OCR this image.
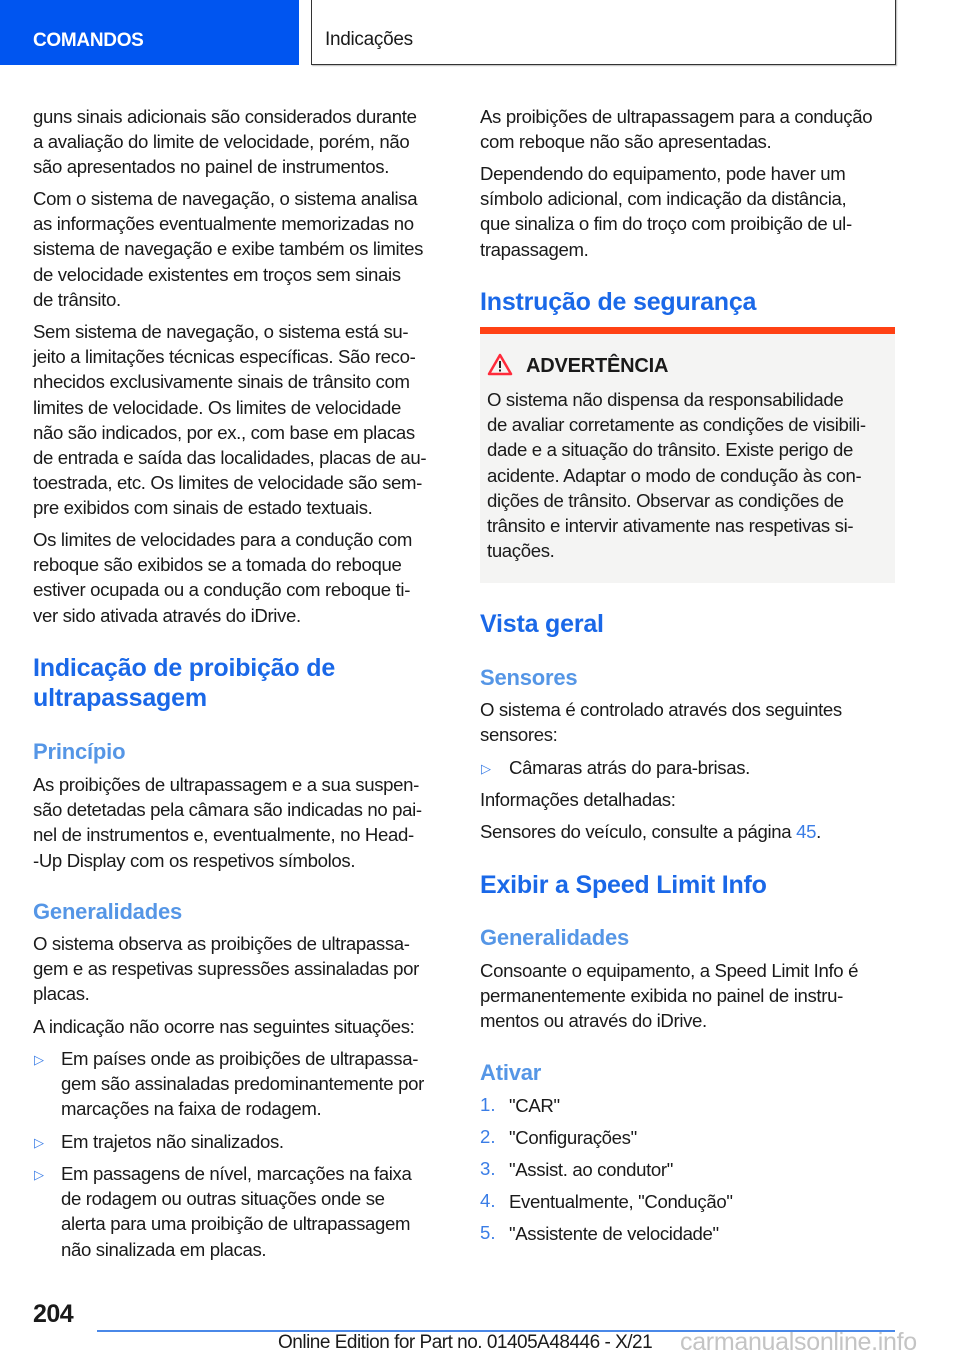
COMANDOS	Indicações
guns sinais adicionais são considerados durante
a avaliação do limite de velocidade, porém, não
são apresentados no painel de instrumentos.
Com o sistema de navegação, o sistema analisa
as informações eventualmente memorizadas no
sistema de navegação e exibe também os limites
de velocidade existentes em troços sem sinais
de trânsito.
Sem sistema de navegação, o sistema está su-
jeito a limitações técnicas específicas. São reco-
nhecidos exclusivamente sinais de trânsito com
limites de velocidade. Os limites de velocidade
não são indicados, por ex., com base em placas
de entrada e saída das localidades, placas de au-
toestrada, etc. Os limites de velocidade são sem-
pre exibidos com sinais de estado textuais.
Os limites de velocidades para a condução com
reboque são exibidos se a tomada do reboque
estiver ocupada ou a condução com reboque ti-
ver sido ativada através do iDrive.
Indicação de proibição de
ultrapassagem
Princípio
As proibições de ultrapassagem e a sua suspen-
são detetadas pela câmara são indicadas no pai-
nel de instrumentos e, eventualmente, no Head-
-Up Display com os respetivos símbolos.
Generalidades
O sistema observa as proibições de ultrapassa-
gem e as respetivas supressões assinaladas por
placas.
A indicação não ocorre nas seguintes situações:
▷ Em países onde as proibições de ultrapassa-
gem são assinaladas predominantemente por
marcações na faixa de rodagem.
▷ Em trajetos não sinalizados.
▷ Em passagens de nível, marcações na faixa
de rodagem ou outras situações onde se
alerta para uma proibição de ultrapassagem
não sinalizada em placas.
As proibições de ultrapassagem para a condução
com reboque não são apresentadas.
Dependendo do equipamento, pode haver um
símbolo adicional, com indicação da distância,
que sinaliza o fim do troço com proibição de ul-
trapassagem.
Instrução de segurança
ADVERTÊNCIA
O sistema não dispensa da responsabilidade
de avaliar corretamente as condições de visibili-
dade e a situação do trânsito. Existe perigo de
acidente. Adaptar o modo de condução às con-
dições de trânsito. Observar as condições de
trânsito e intervir ativamente nas respetivas si-
tuações.
Vista geral
Sensores
O sistema é controlado através dos seguintes
sensores:
▷ Câmaras atrás do para-brisas.
Informações detalhadas:
Sensores do veículo, consulte a página 45.
Exibir a Speed Limit Info
Generalidades
Consoante o equipamento, a Speed Limit Info é
permanentemente exibida no painel de instru-
mentos ou através do iDrive.
Ativar
1. "CAR"
2. "Configurações"
3. "Assist. ao condutor"
4. Eventualmente, "Condução"
5. "Assistente de velocidade"
204
Online Edition for Part no. 01405A48446 - X/21 carmanualsonline.info
